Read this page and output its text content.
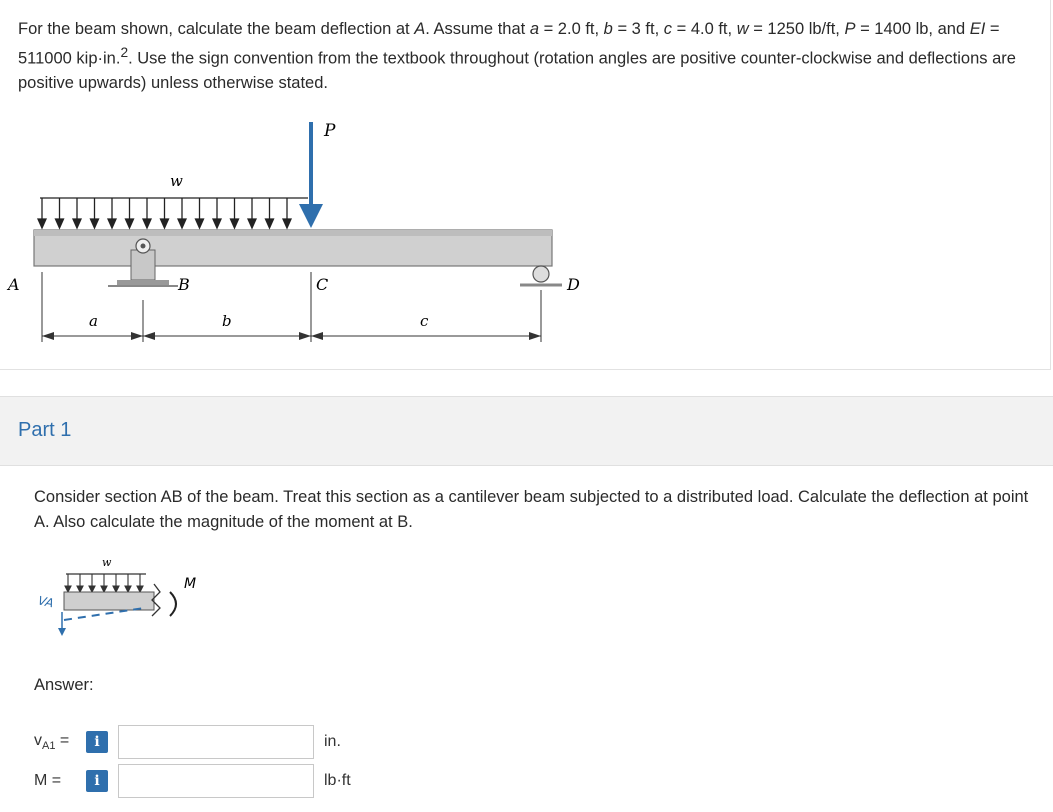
For the beam shown, calculate the beam deflection at A. Assume that a = 2.0 ft, b = 3 ft, c = 4.0 ft, w = 1250 lb/ft, P = 1400 lb, and EI = 511000 kip·in.$^2$. Use the sign convention from the textbook throughout (rotation angles are positive counter-clockwise and deflections are positive upwards) unless otherwise stated.
w
P
A	B	C	D
a	b	c
Part 1
Consider section AB of the beam. Treat this section as a cantilever beam subjected to a distributed load. Calculate the deflection at point A. Also calculate the magnitude of the moment at B.
w
M
VA
Answer:
$v_{A1}$ =	i	in.
M =	i	lb·ft
